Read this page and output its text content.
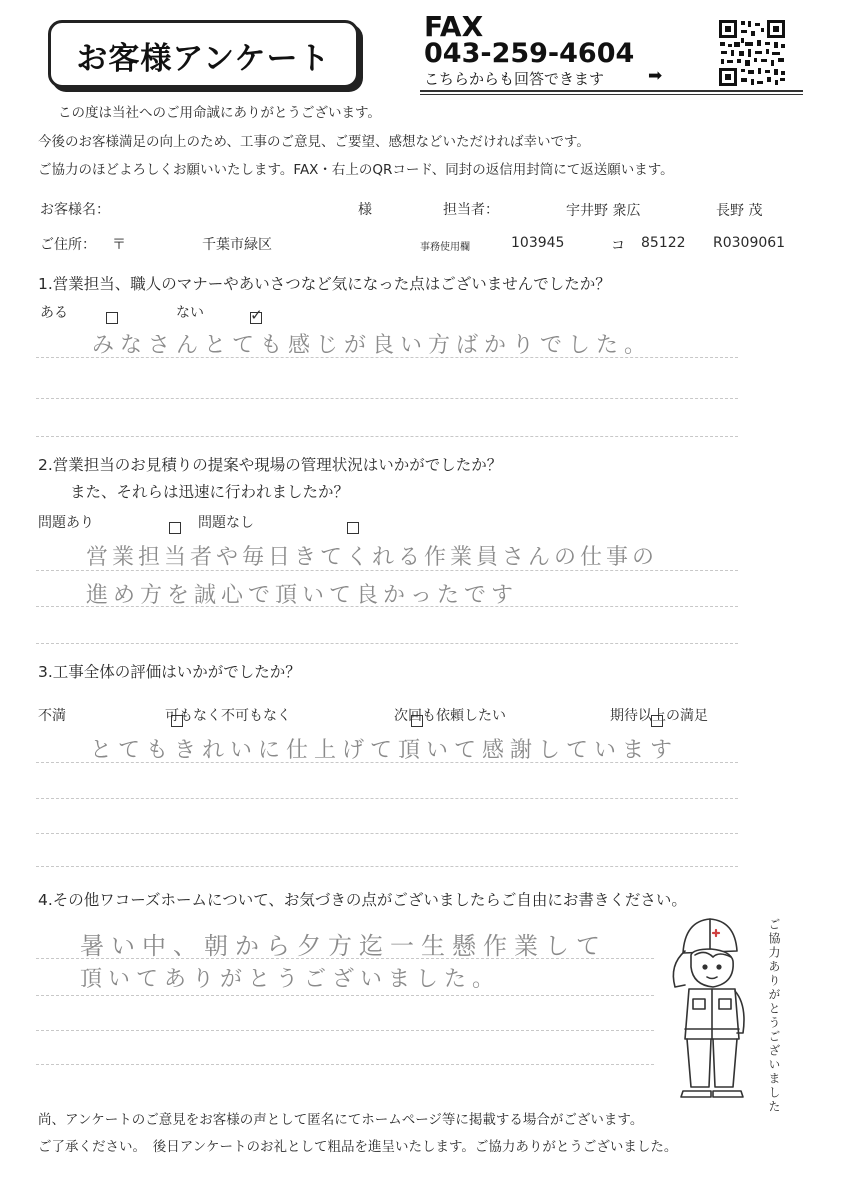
お客様アンケート
FAX
043-259-4604
こちらからも回答できます	➡
この度は当社へのご用命誠にありがとうございます。
今後のお客様満足の向上のため、工事のご意見、ご要望、感想などいただければ幸いです。
ご協力のほどよろしくお願いいたします。FAX・右上のQRコード、同封の返信用封筒にて返送願います。
お客様名：	様	担当者：	宇井野 衆広	長野 茂
ご住所： 〒	千葉市緑区	事務使用欄	103945	コ 85122 R0309061
1.営業担当、職人のマナーやあいさつなど気になった点はございませんでしたか？
ある
	ない
✓
みなさんとても感じが良い方ばかりでした。
2.営業担当のお見積りの提案や現場の管理状況はいかがでしたか？
また、それらは迅速に行われましたか？
問題あり
	問題なし

営業担当者や毎日きてくれる作業員さんの仕事の
進め方を誠心で頂いて良かったです
3.工事全体の評価はいかがでしたか？
不満
	可もなく不可もなく
	次回も依頼したい
	期待以上の満足
とてもきれいに仕上げて頂いて感謝しています
4.その他ワコーズホームについて、お気づきの点がございましたらご自由にお書きください。
暑い中、朝から夕方迄一生懸作業して
頂いてありがとうございました。	ご協力ありがとうございました
尚、アンケートのご意見をお客様の声として匿名にてホームページ等に掲載する場合がございます。
ご了承ください。　後日アンケートのお礼として粗品を進呈いたします。ご協力ありがとうございました。
